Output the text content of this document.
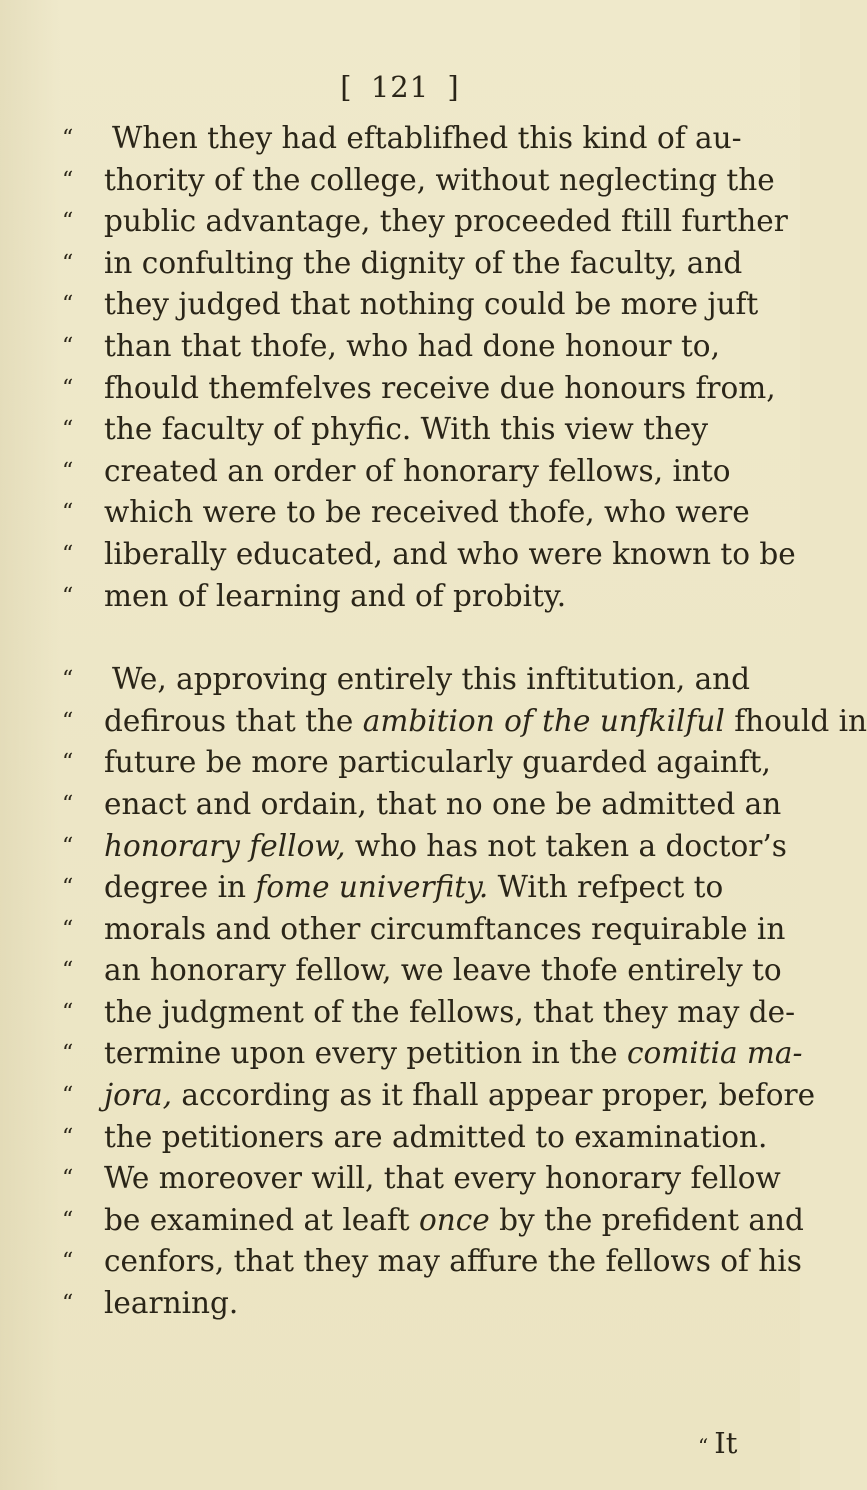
[ 121 ]
“ When they had eftablifhed this kind of au-
“ thority of the college, without neglecting the
“ public advantage, they proceeded ftill further
“ in confulting the dignity of the faculty, and
“ they judged that nothing could be more juft
“ than that thofe, who had done honour to,
“ fhould themfelves receive due honours from,
“ the faculty of phyfic. With this view they
“ created an order of honorary fellows, into
“ which were to be received thofe, who were
“ liberally educated, and who were known to be
“ men of learning and of probity.
“ We, approving entirely this inftitution, and
“ defirous that the ambition of the unfkilful fhould in
“ future be more particularly guarded againft,
“ enact and ordain, that no one be admitted an
“ honorary fellow, who has not taken a doctor’s
“ degree in fome univerfity. With refpect to
“ morals and other circumftances requirable in
“ an honorary fellow, we leave thofe entirely to
“ the judgment of the fellows, that they may de-
“ termine upon every petition in the comitia ma-
“ jora, according as it fhall appear proper, before
“ the petitioners are admitted to examination.
“ We moreover will, that every honorary fellow
“ be examined at leaft once by the prefident and
“ cenfors, that they may affure the fellows of his
“ learning.
“ It
